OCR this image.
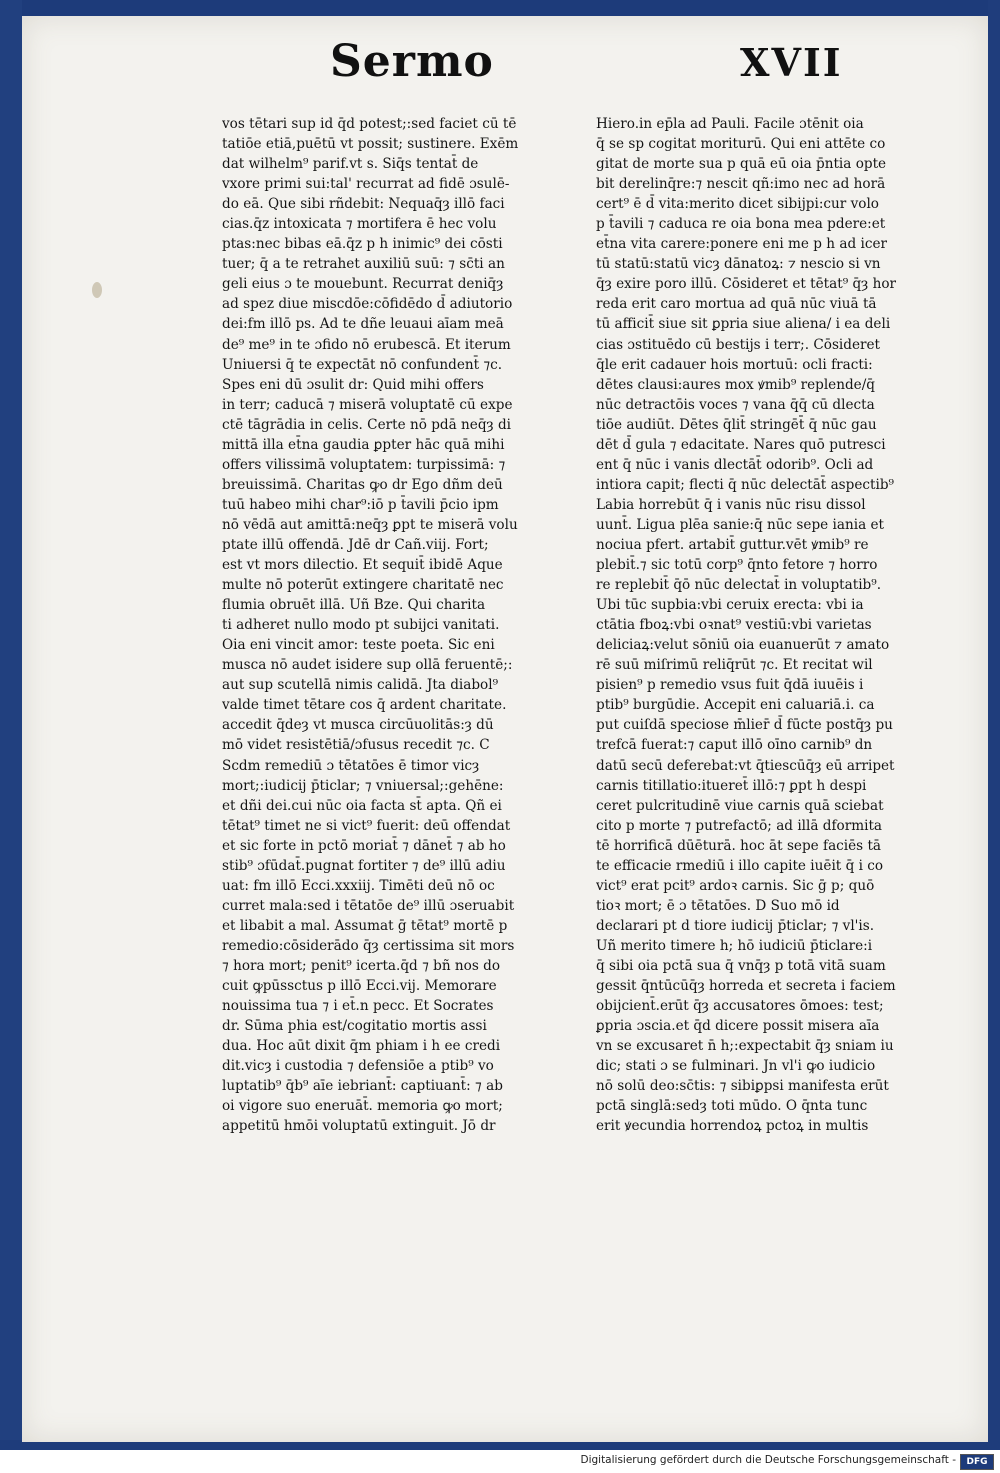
Sermo	XVII
vos tētari sup id q̄d potest;:sed faciet cū tē
tatiōe etiā,puētū vt possit; sustinere. Exēm
dat wilhelm⁹ parif.vt s. Siq̄s tentat̄ de
vxore primi sui:tal' recurrat ad fidē ɔsulē-
do eā. Que sibi rñdebit: Nequaq̄ȝ illō faci
cias.q̄z intoxicata ⁊ mortifera ē hec volu
ptas:nec bibas eā.q̄z p h inimic⁹ dei cōsti
tuer; q̄ a te retrahet auxiliū suū: ⁊ sc̄ti an
geli eius ɔ te mouebunt. Recurrat deniq̄ȝ
ad spez diue miscdōe:cōfidēdo d̄ adiutorio
dei:fm illō ps. Ad te dñe leuaui aīam meā
de⁹ me⁹ in te ɔfido nō erubescā. Et iterum
Uniuersi q̄ te expectāt nō confundent̄ ⁊c.
Spes eni dū ɔsulit dr: Quid mihi offers
in terr; caducā ⁊ miserā voluptatē cū expe
ctē tāgrādia in celis. Certe nō pdā neq̄ȝ di
mittā illa et̄na gaudia ꝑpter hāc quā mihi
offers vilissimā voluptatem: turpissimā: ⁊
breuissimā. Charitas ꝙo dr Ego dñm deū
tuū habeo mihi char⁹:iō p t̄avili p̄cio ipm
nō vēdā aut amittā:neq̄ȝ ꝑpt te miserā volu
ptate illū offendā. Jdē dr Cañ.viij. Fort;
est vt mors dilectio. Et sequit̄ ibidē Aque
multe nō poterūt extingere charitatē nec
flumia obruēt illā. Uñ Bze. Qui charita
ti adheret nullo modo pt subijci vanitati.
Oia eni vincit amor: teste poeta. Sic eni
musca nō audet isidere sup ollā feruentē;:
aut sup scutellā nimis calidā. Jta diabol⁹
valde timet tētare cos q̄ ardent charitate.
accedit q̄deȝ vt musca circūuolitās:ȝ dū
mō videt resistētiā/ɔfusus recedit ⁊c. C
Scdm remediū ɔ tētatōes ē timor vicȝ
mort;:iudicij p̄ticlar; ⁊ vniuersal;:gehēne:
et dñi dei.cui nūc oia facta st̄ apta. Qñ ei
tētat⁹ timet ne si vict⁹ fuerit: deū offendat
et sic forte in pctō moriat̄ ⁊ dānet̄ ⁊ ab ho
stib⁹ ɔfūdat̄.pugnat fortiter ⁊ de⁹ illū adiu
uat: fm illō Ecci.xxxiij. Timēti deū nō oc
curret mala:sed i tētatōe de⁹ illū ɔseruabit
et libabit a mal. Assumat ḡ tētat⁹ mortē p
remedio:cōsiderādo q̄ȝ certissima sit mors
⁊ hora mort; penit⁹ icerta.q̄d ⁊ bñ nos do
cuit ꝙpūssctus p illō Ecci.vij. Memorare
nouissima tua ⁊ i et̄.n pecc. Et Socrates
dr. Sūma phia est/cogitatio mortis assi
dua. Hoc aūt dixit q̄m phiam i h ee credi
dit.vicȝ i custodia ⁊ defensiōe a ptib⁹ vo
luptatib⁹ q̄b⁹ aīe iebriant̄: captiuant̄: ⁊ ab
oi vigore suo eneruāt̄. memoria ꝙo mort;
appetitū hmōi voluptatū extinguit. Jō dr
Hiero.in ep̄la ad Pauli. Facile ɔtēnit oia
q̄ se sp cogitat moriturū. Qui eni attēte co
gitat de morte sua p quā eū oia p̄ntia opte
bit derelinq̄re:⁊ nescit qñ:imo nec ad horā
cert⁹ ē d̄ vita:merito dicet sibijpi:cur volo
p t̄avili ⁊ caduca re oia bona mea pdere:et
et̄na vita carere:ponere eni me p h ad icer
tū statū:statū vicȝ dānatoꝝ: ⁊ nescio si vn
q̄ȝ exire poro illū. Cōsideret et tētat⁹ q̄ȝ hor
reda erit caro mortua ad quā nūc viuā tā
tū afficit̄ siue sit ꝑpria siue aliena/ i ea deli
cias ɔstituēdo cū bestijs i terr;. Cōsideret
q̄le erit cadauer hois mortuū: ocli fracti:
dētes clausi:aures mox ꝟmib⁹ replende/q̄
nūc detractōis voces ⁊ vana q̄q̄ cū dlecta
tiōe audiūt. Dētes q̄lit̄ stringēt̄ q̄ nūc gau
dēt d̄ gula ⁊ edacitate. Nares quō putresci
ent q̄ nūc i vanis dlectāt̄ odorib⁹. Ocli ad
intiora capit; flecti q̄ nūc delectāt̄ aspectib⁹
Labia horrebūt q̄ i vanis nūc risu dissol
uunt̄. Ligua plēa sanie:q̄ nūc sepe iania et
nociua pfert. artabit̄ guttur.vēt ꝟmib⁹ re
plebit̄.⁊ sic totū corp⁹ q̄nto fetore ⁊ horro
re replebit̄ q̄ō nūc delectat̄ in voluptatib⁹.
Ubi tūc supbia:vbi ceruix erecta: vbi ia
ctātia fboꝝ:vbi oꝛnat⁹ vestiū:vbi varietas
deliciaꝝ:velut sōniū oia euanuerūt ⁊ amato
rē suū miſrimū reliq̄rūt ⁊c. Et recitat wil
pisien⁹ p remedio vsus fuit q̄dā iuuēis i
ptib⁹ burgūdie. Accepit eni caluariā.i. ca
put cuiſdā speciose m̄lier̄ d̄ fūcte postq̄ȝ pu
trefcā fuerat:⁊ caput illō oīno carnib⁹ dn
datū secū deferebat:vt q̄tiescūq̄ȝ eū arripet
carnis titillatio:itueret̄ illō:⁊ ꝑpt h despi
ceret pulcritudinē viue carnis quā sciebat
cito p morte ⁊ putrefactō; ad illā dformita
tē horrificā dūēturā. hoc āt sepe faciēs tā
te efficacie rmediū i illo capite iuēit q̄ i co
vict⁹ erat pcit⁹ ardoꝛ carnis. Sic ḡ p; quō
tioꝛ mort; ē ɔ tētatōes. D Suo mō id
declarari pt d tiore iudicij p̄ticlar; ⁊ vl'is.
Uñ merito timere h; hō iudiciū p̄ticlare:i
q̄ sibi oia pctā sua q̄ vnq̄ȝ p totā vitā suam
gessit q̄ntūcūq̄ȝ horreda et secreta i faciem
obijcient̄.erūt q̄ȝ accusatores ōmoes: test;
ꝑpria ɔscia.et q̄d dicere possit misera aīa
vn se excusaret n̄ h;:expectabit q̄ȝ sniam iu
dic; stati ɔ se fulminari. Jn vl'i ꝙo iudicio
nō solū deo:sc̄tis: ⁊ sibiꝑpsi manifesta erūt
pctā singlā:sedȝ toti mūdo. O q̄nta tunc
erit ꝟecundia horrendoꝝ pctoꝝ in multis
Digitalisierung gefördert durch die Deutsche Forschungsgemeinschaft -	DFG
